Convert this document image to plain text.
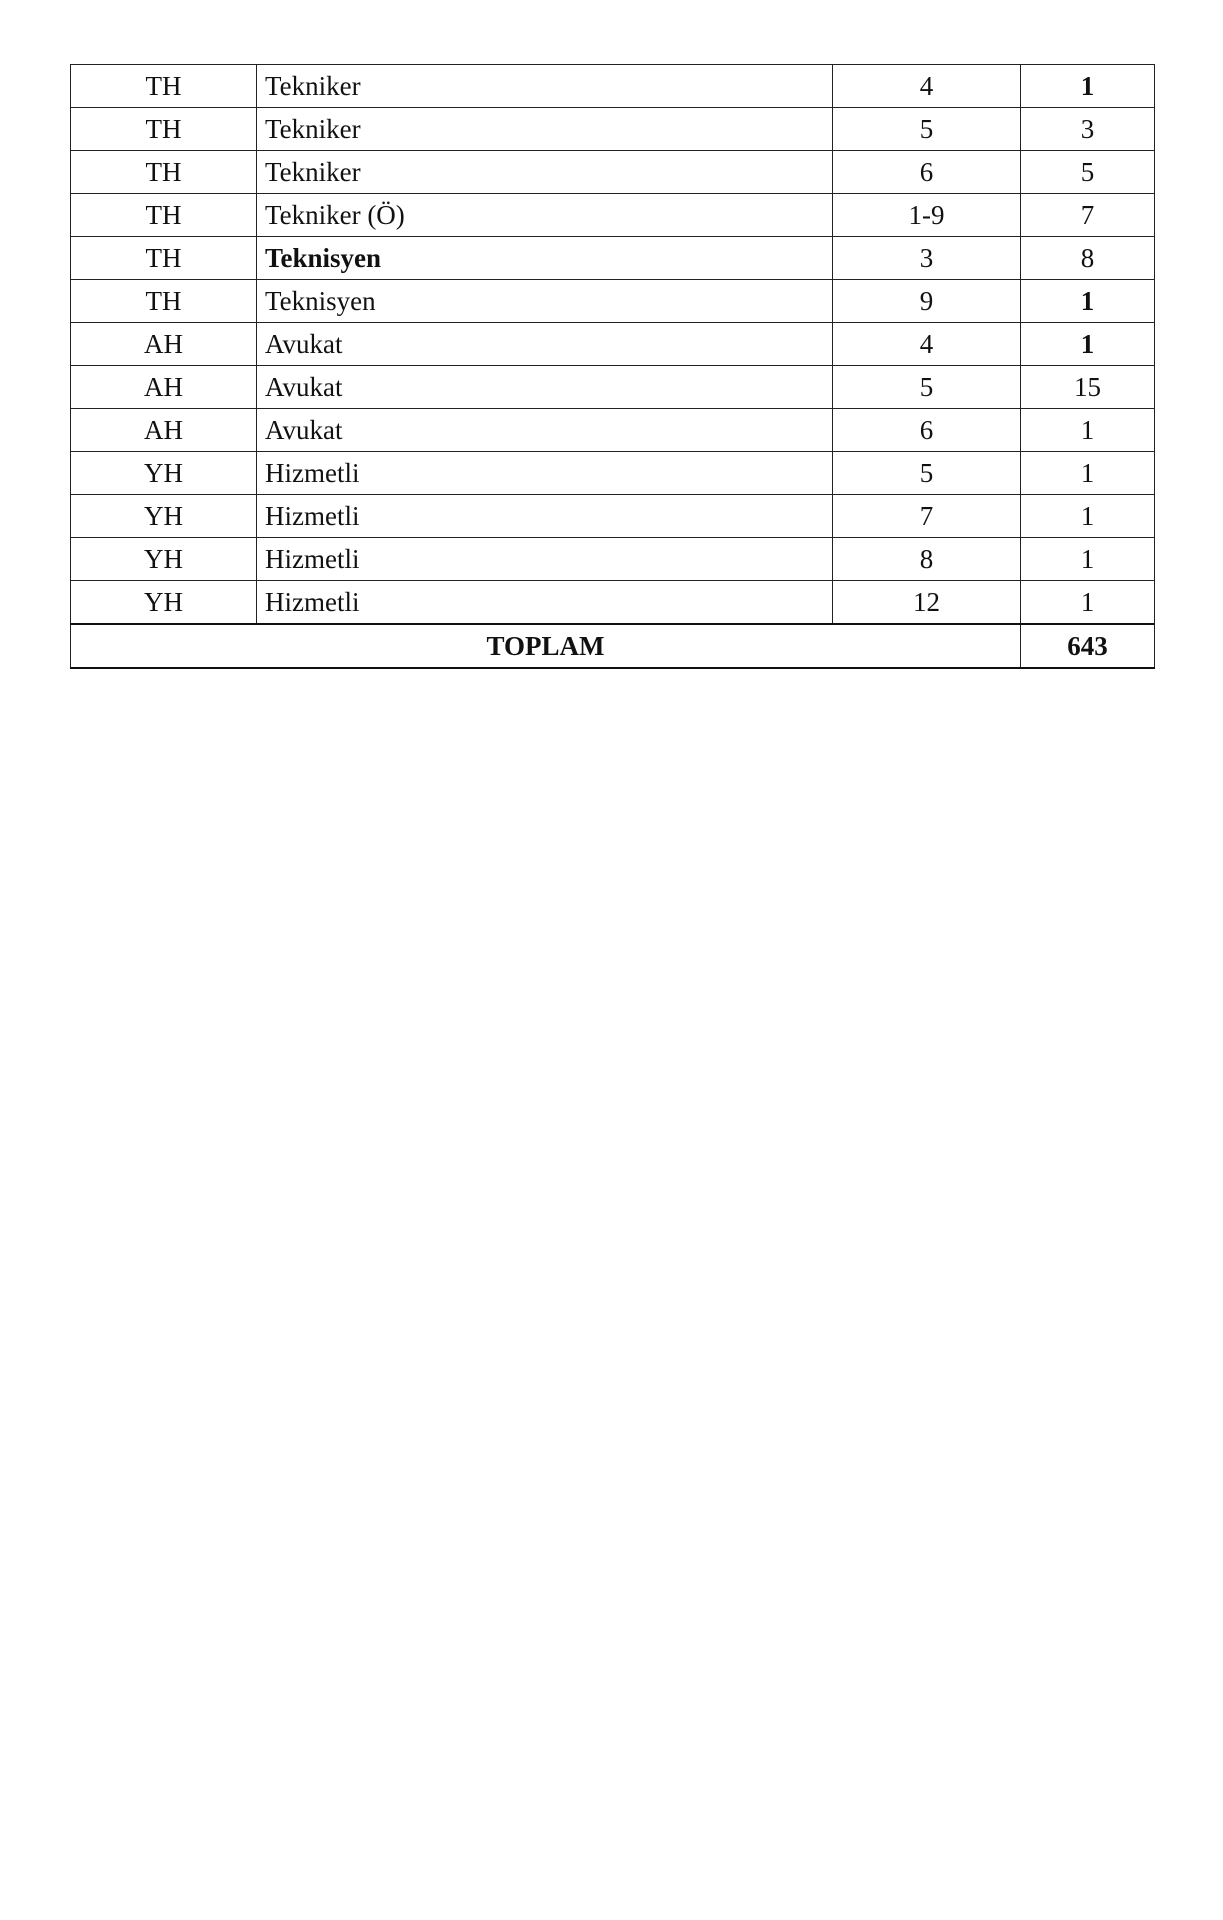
TH	Tekniker	4	1
TH	Tekniker	5	3
TH	Tekniker	6	5
TH	Tekniker (Ö)	1-9	7
TH	Teknisyen	3	8
TH	Teknisyen	9	1
AH	Avukat	4	1
AH	Avukat	5	15
AH	Avukat	6	1
YH	Hizmetli	5	1
YH	Hizmetli	7	1
YH	Hizmetli	8	1
YH	Hizmetli	12	1
TOPLAM			643
